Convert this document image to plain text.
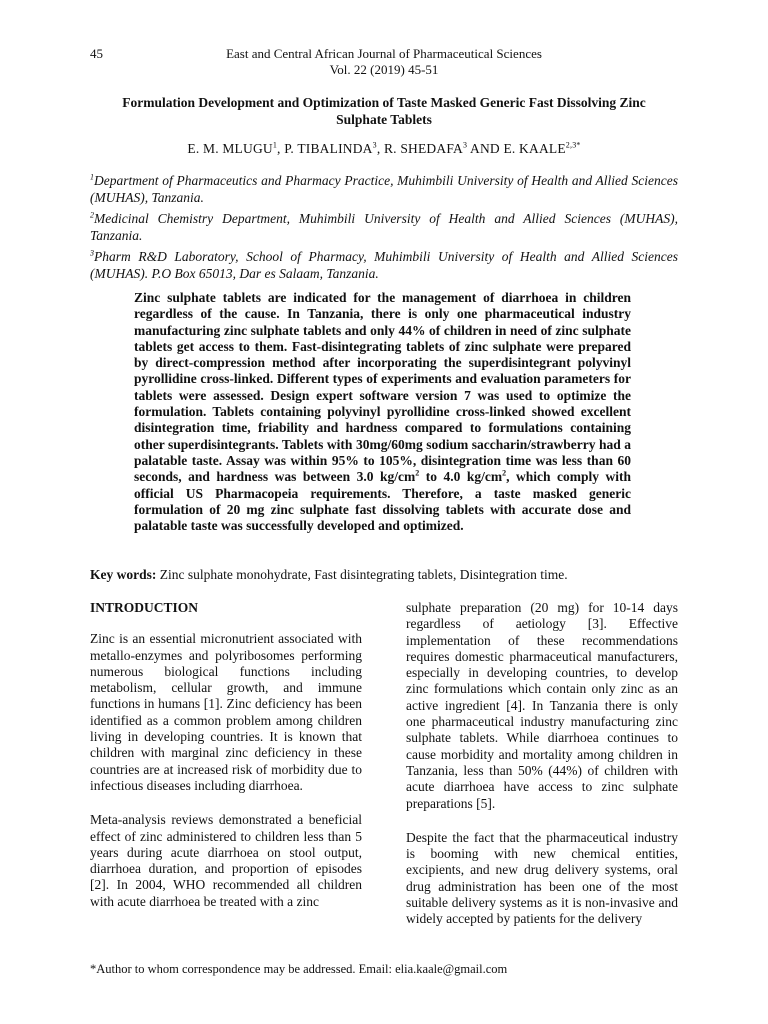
45	East and Central African Journal of Pharmaceutical Sciences
Vol. 22 (2019) 45-51
Formulation Development and Optimization of Taste Masked Generic Fast Dissolving Zinc Sulphate Tablets
E. M. MLUGU$^1$, P. TIBALINDA$^3$, R. SHEDAFA$^3$ AND E. $KAALE^{2,3*}$

$^1$Department of Pharmaceutics and Pharmacy Practice, Muhimbili University of Health and Allied Sciences (MUHAS), Tanzania.

$^2$Medicinal Chemistry Department, Muhimbili University of Health and Allied Sciences (MUHAS), Tanzania.

$^3$Pharm R&D Laboratory, School of Pharmacy, Muhimbili University of Health and Allied Sciences (MUHAS). P.O Box 65013, Dar es Salaam, Tanzania.

Zinc sulphate tablets are indicated for the management of diarrhoea in children regardless of the cause. In Tanzania, there is only one pharmaceutical industry manufacturing zinc sulphate tablets and only 44% of children in need of zinc sulphate tablets get access to them. Fast-disintegrating tablets of zinc sulphate were prepared by direct-compression method after incorporating the superdisintegrant polyvinyl pyrollidine cross-linked. Different types of experiments and evaluation parameters for tablets were assessed. Design expert software version 7 was used to optimize the formulation. Tablets containing polyvinyl pyrollidine cross-linked showed excellent disintegration time, friability and hardness compared to formulations containing other superdisintegrants. Tablets with 30mg/60mg sodium saccharin/strawberry had a palatable taste. Assay was within 95% to 105%, disintegration time was less than 60 seconds, and hardness was between 3.0 $kg/cm^2$ to 4.0 $kg/cm^2$, which comply with official US Pharmacopeia requirements. Therefore, a taste masked generic formulation of 20 mg zinc sulphate fast dissolving tablets with accurate dose and palatable taste was successfully developed and optimized.

Key words: Zinc sulphate monohydrate, Fast disintegrating tablets, Disintegration time.

INTRODUCTION

Zinc is an essential micronutrient associated with metallo-enzymes and polyribosomes performing numerous biological functions including metabolism, cellular growth, and immune functions in humans [1]. Zinc deficiency has been identified as a common problem among children living in developing countries. It is known that children with marginal zinc deficiency in these countries are at increased risk of morbidity due to infectious diseases including diarrhoea.

Meta-analysis reviews demonstrated a beneficial effect of zinc administered to children less than 5 years during acute diarrhoea on stool output, diarrhoea duration, and proportion of episodes [2]. In 2004, WHO recommended all children with acute diarrhoea be treated with a zinc

sulphate preparation (20 mg) for 10-14 days regardless of aetiology [3]. Effective implementation of these recommendations requires domestic pharmaceutical manufacturers, especially in developing countries, to develop zinc formulations which contain only zinc as an active ingredient [4]. In Tanzania there is only one pharmaceutical industry manufacturing zinc sulphate tablets. While diarrhoea continues to cause morbidity and mortality among children in Tanzania, less than 50% (44%) of children with acute diarrhoea have access to zinc sulphate preparations [5].

Despite the fact that the pharmaceutical industry is booming with new chemical entities, excipients, and new drug delivery systems, oral drug administration has been one of the most suitable delivery systems as it is non-invasive and widely accepted by patients for the delivery

*Author to whom correspondence may be addressed. Email: elia.kaale@gmail.com
